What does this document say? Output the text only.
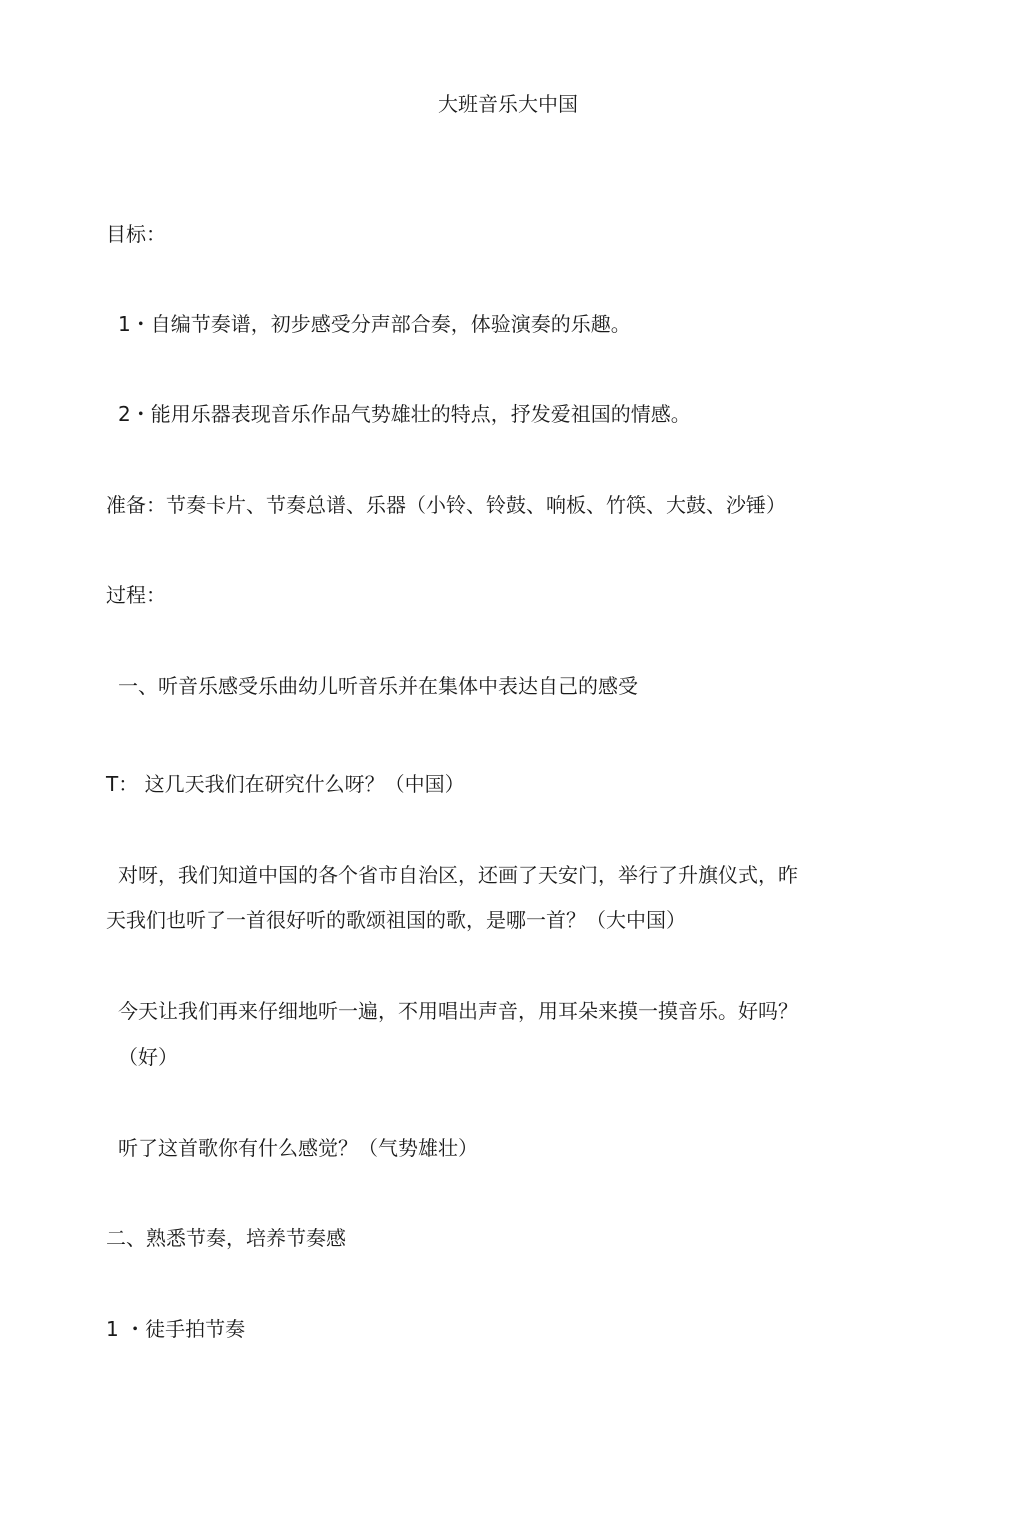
大班音乐大中国
目标：
1・自编节奏谱，初步感受分声部合奏，体验演奏的乐趣。
2・能用乐器表现音乐作品气势雄壮的特点，抒发爱祖国的情感。
准备：节奏卡片、节奏总谱、乐器（小铃、铃鼓、响板、竹筷、大鼓、沙锤）
过程：
一、听音乐感受乐曲幼儿听音乐并在集体中表达自己的感受
T： 这几天我们在研究什么呀？（中国）
对呀，我们知道中国的各个省市自治区，还画了天安门，举行了升旗仪式，昨
天我们也听了一首很好听的歌颂祖国的歌，是哪一首？（大中国）
今天让我们再来仔细地听一遍，不用唱出声音，用耳朵来摸一摸音乐。好吗？
（好）
听了这首歌你有什么感觉？（气势雄壮）
二、熟悉节奏，培养节奏感
1 ・徒手拍节奏
